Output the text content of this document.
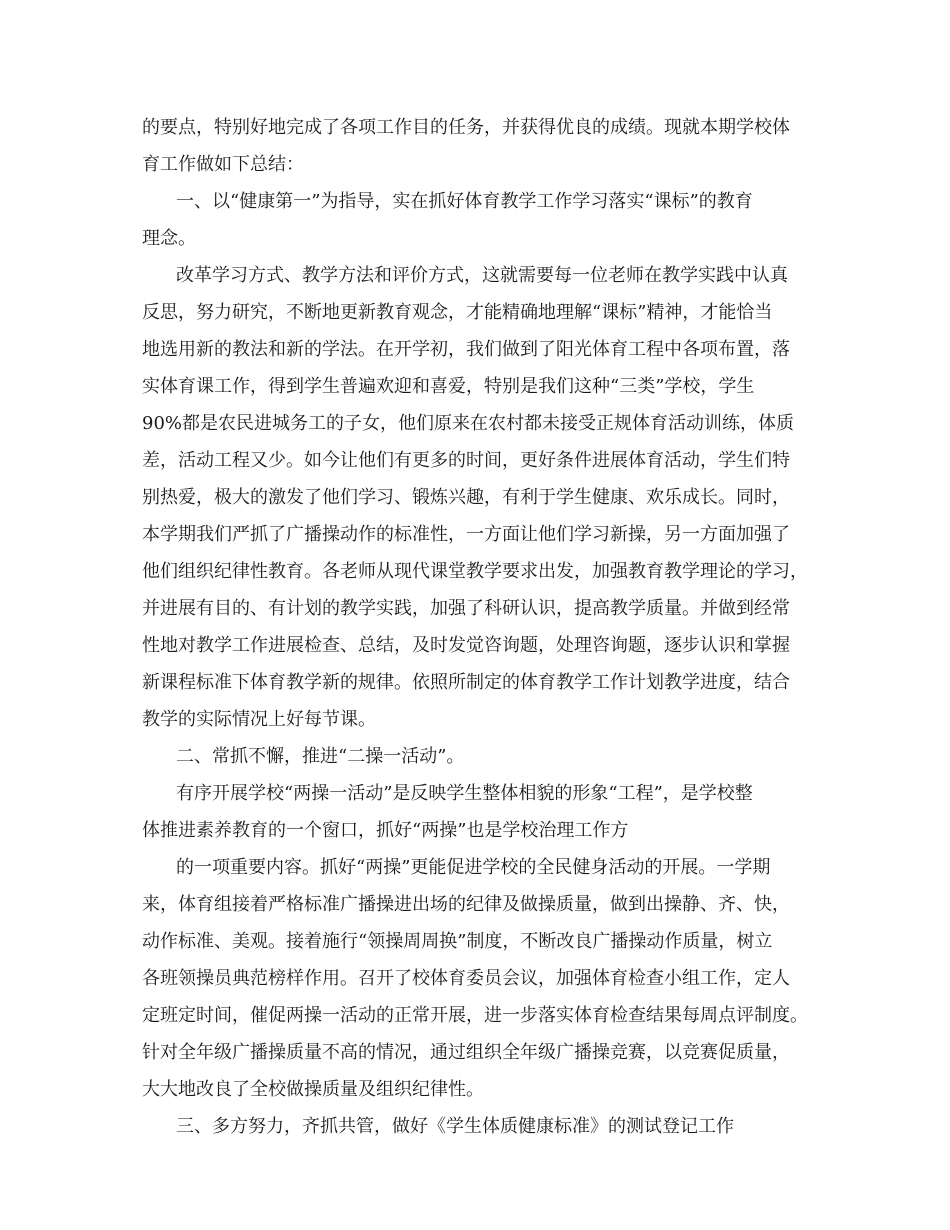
的要点，特别好地完成了各项工作目的任务，并获得优良的成绩。现就本期学校体
育工作做如下总结：
一、以“健康第一”为指导，实在抓好体育教学工作学习落实“课标”的教育
理念。
改革学习方式、教学方法和评价方式，这就需要每一位老师在教学实践中认真
反思，努力研究，不断地更新教育观念，才能精确地理解“课标”精神，才能恰当
地选用新的教法和新的学法。在开学初，我们做到了阳光体育工程中各项布置，落
实体育课工作，得到学生普遍欢迎和喜爱，特别是我们这种“三类”学校，学生
90%都是农民进城务工的子女，他们原来在农村都未接受正规体育活动训练，体质
差，活动工程又少。如今让他们有更多的时间，更好条件进展体育活动，学生们特
别热爱，极大的激发了他们学习、锻炼兴趣，有利于学生健康、欢乐成长。同时，
本学期我们严抓了广播操动作的标准性，一方面让他们学习新操，另一方面加强了
他们组织纪律性教育。各老师从现代课堂教学要求出发，加强教育教学理论的学习，
并进展有目的、有计划的教学实践，加强了科研认识，提高教学质量。并做到经常
性地对教学工作进展检查、总结，及时发觉咨询题，处理咨询题，逐步认识和掌握
新课程标准下体育教学新的规律。依照所制定的体育教学工作计划教学进度，结合
教学的实际情况上好每节课。
二、常抓不懈，推进“二操一活动”。
有序开展学校“两操一活动”是反映学生整体相貌的形象“工程”，是学校整
体推进素养教育的一个窗口，抓好“两操”也是学校治理工作方
的一项重要内容。抓好“两操”更能促进学校的全民健身活动的开展。一学期
来，体育组接着严格标准广播操进出场的纪律及做操质量，做到出操静、齐、快，
动作标准、美观。接着施行“领操周周换”制度，不断改良广播操动作质量，树立
各班领操员典范榜样作用。召开了校体育委员会议，加强体育检查小组工作，定人
定班定时间，催促两操一活动的正常开展，进一步落实体育检查结果每周点评制度。
针对全年级广播操质量不高的情况，通过组织全年级广播操竞赛，以竞赛促质量，
大大地改良了全校做操质量及组织纪律性。
三、多方努力，齐抓共管，做好《学生体质健康标准》的测试登记工作
